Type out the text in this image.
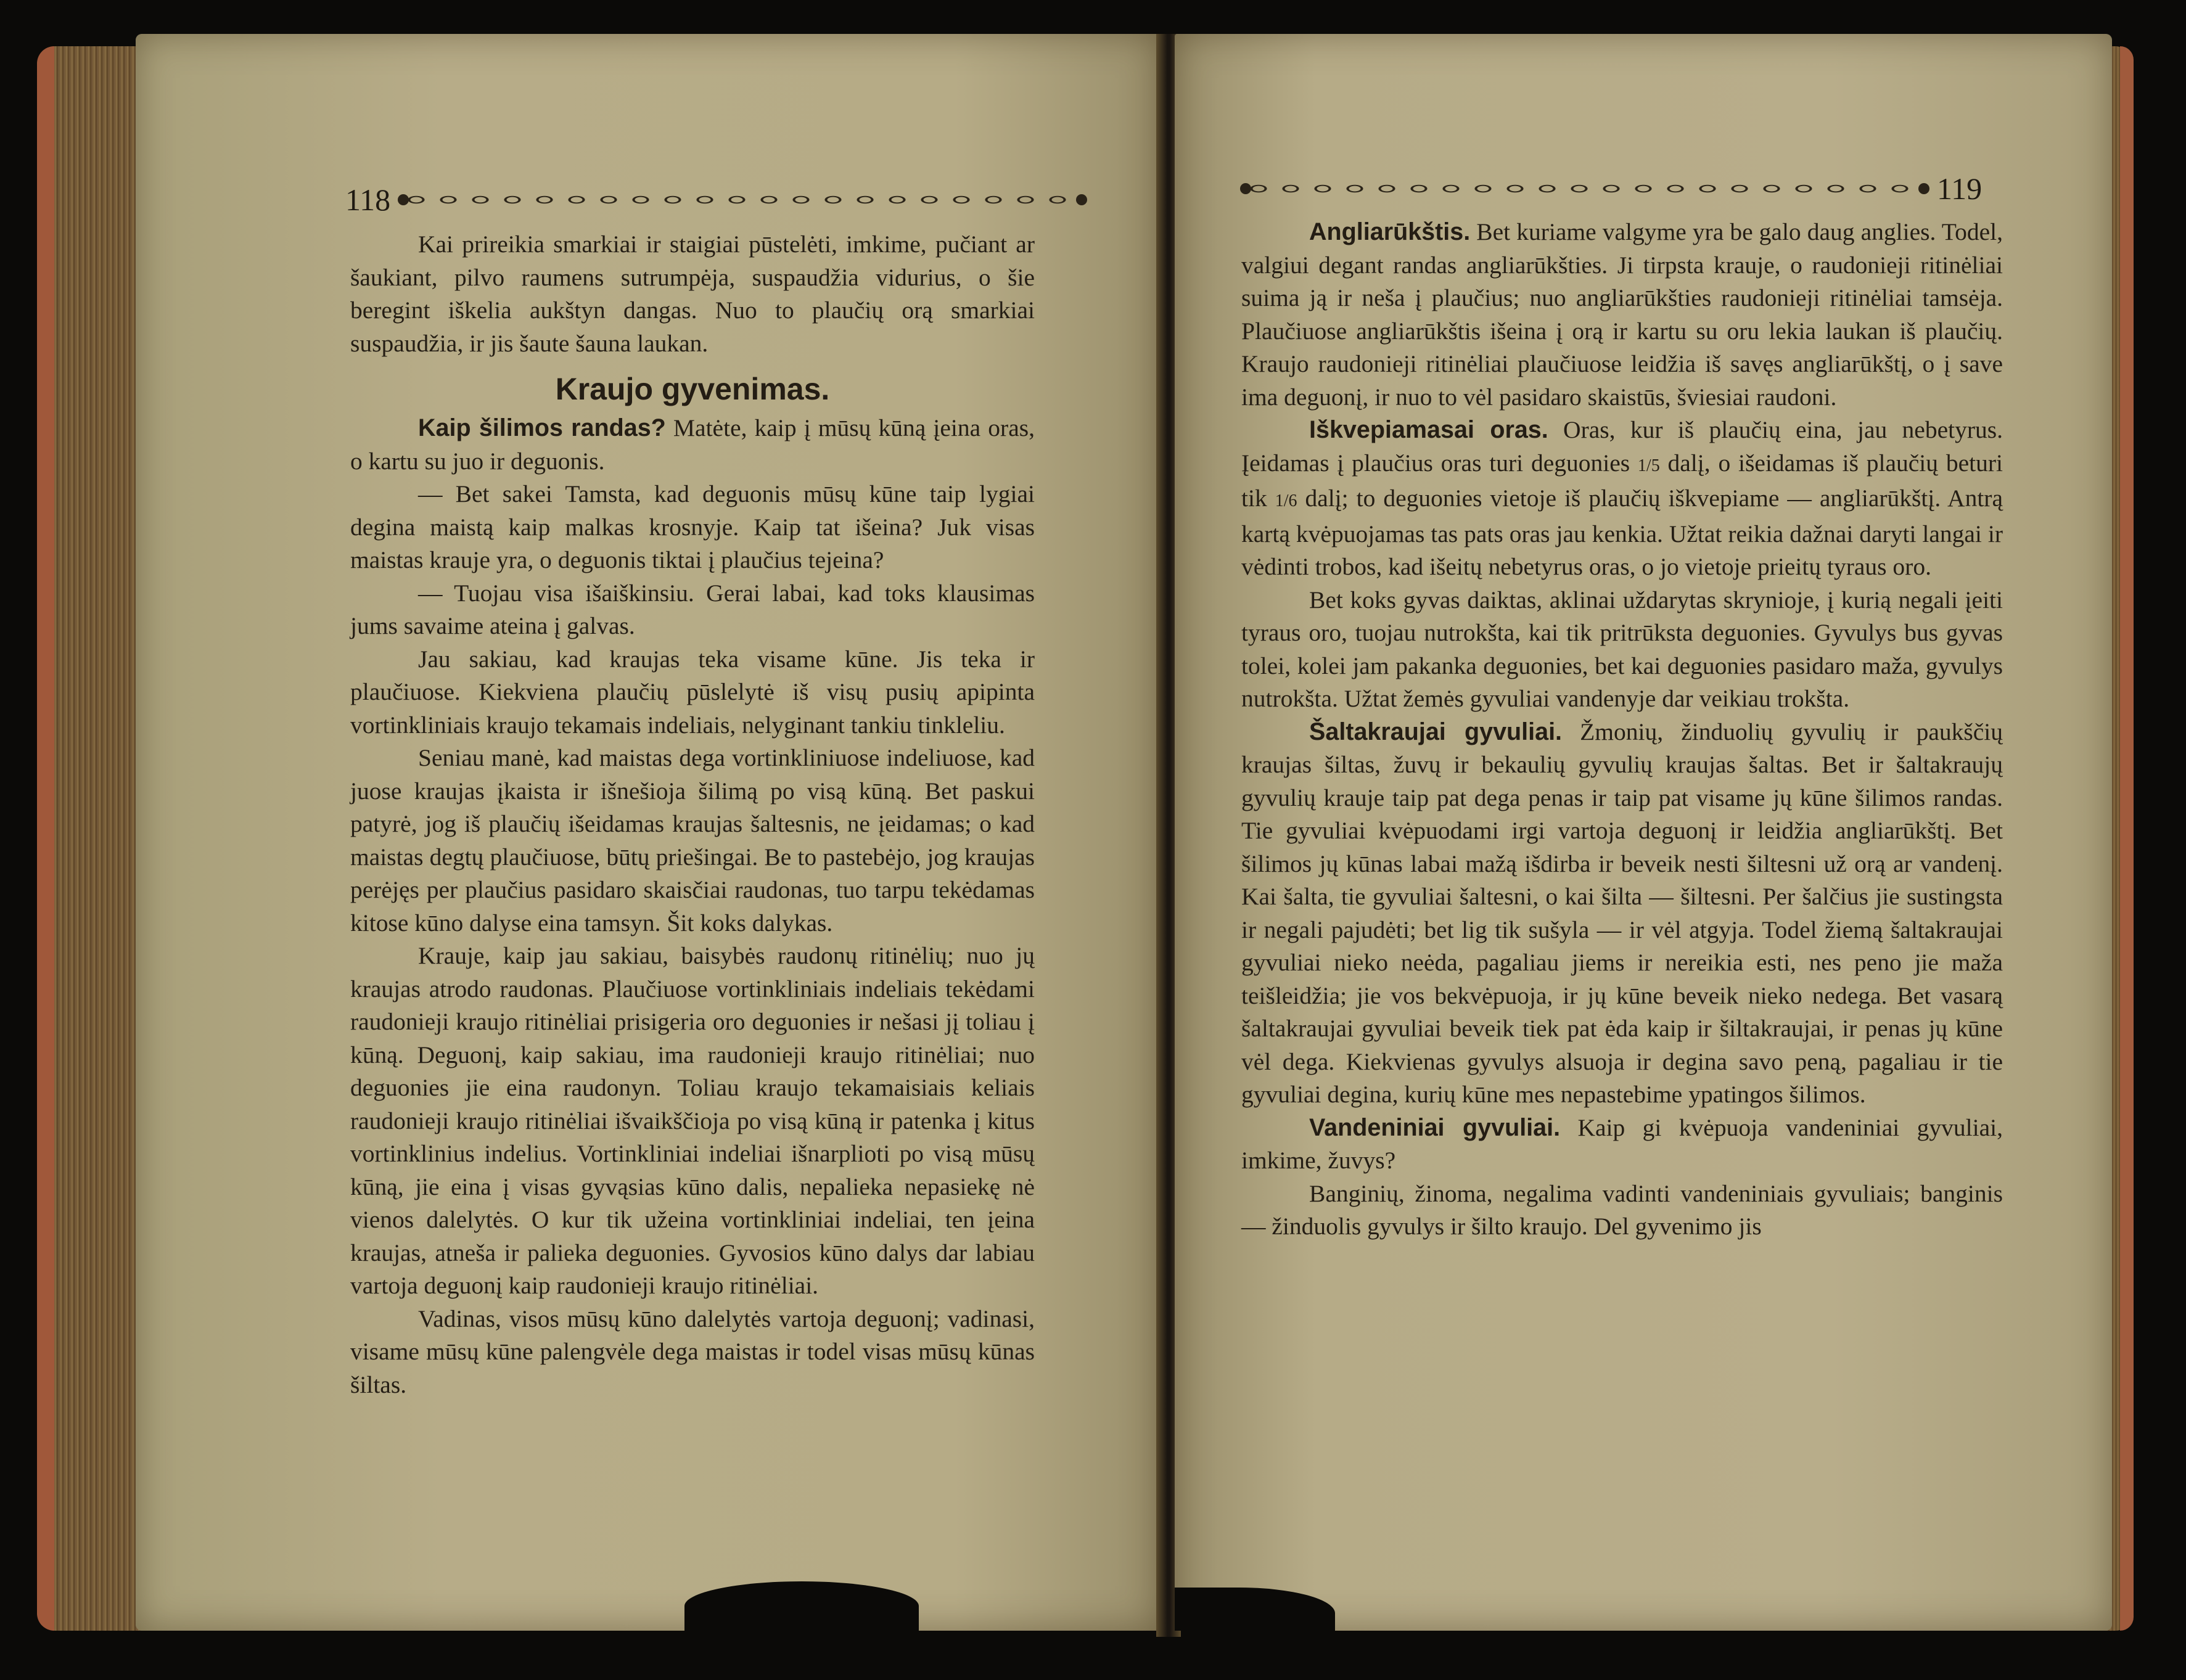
118

Kai prireikia smarkiai ir staigiai pūstelėti, imkime, pučiant ar šaukiant, pilvo raumens sutrumpėja, suspaudžia vidurius, o šie beregint iškelia aukštyn dangas. Nuo to plaučių orą smarkiai suspaudžia, ir jis šaute šauna laukan.

Kraujo gyvenimas.

Kaip šilimos randas? Matėte, kaip į mūsų kūną įeina oras, o kartu su juo ir deguonis.

— Bet sakei Tamsta, kad deguonis mūsų kūne taip lygiai degina maistą kaip malkas krosnyje. Kaip tat išeina? Juk visas maistas krauje yra, o deguonis tiktai į plaučius tejeina?

— Tuojau visa išaiškinsiu. Gerai labai, kad toks klausimas jums savaime ateina į galvas.

Jau sakiau, kad kraujas teka visame kūne. Jis teka ir plaučiuose. Kiekviena plaučių pūslelytė iš visų pusių apipinta vortinkliniais kraujo tekamais indeliais, nelyginant tankiu tinkleliu.

Seniau manė, kad maistas dega vortinkliniuose indeliuose, kad juose kraujas įkaista ir išnešioja šilimą po visą kūną. Bet paskui patyrė, jog iš plaučių išeidamas kraujas šaltesnis, ne įeidamas; o kad maistas degtų plaučiuose, būtų priešingai. Be to pastebėjo, jog kraujas perėjęs per plaučius pasidaro skaisčiai raudonas, tuo tarpu tekėdamas kitose kūno dalyse eina tamsyn. Šit koks dalykas.

Krauje, kaip jau sakiau, baisybės raudonų ritinėlių; nuo jų kraujas atrodo raudonas. Plaučiuose vortinkliniais indeliais tekėdami raudonieji kraujo ritinėliai prisigeria oro deguonies ir nešasi jį toliau į kūną. Deguonį, kaip sakiau, ima raudonieji kraujo ritinėliai; nuo deguonies jie eina raudonyn. Toliau kraujo tekamaisiais keliais raudonieji kraujo ritinėliai išvaikščioja po visą kūną ir patenka į kitus vortinklinius indelius. Vortinkliniai indeliai išnarplioti po visą mūsų kūną, jie eina į visas gyvąsias kūno dalis, nepalieka nepasiekę nė vienos dalelytės. O kur tik užeina vortinkliniai indeliai, ten įeina kraujas, atneša ir palieka deguonies. Gyvosios kūno dalys dar labiau vartoja deguonį kaip raudonieji kraujo ritinėliai.

Vadinas, visos mūsų kūno dalelytės vartoja deguonį; vadinasi, visame mūsų kūne palengvėle dega maistas ir todel visas mūsų kūnas šiltas.

119

Angliarūkštis. Bet kuriame valgyme yra be galo daug anglies. Todel, valgiui degant randas angliarūkšties. Ji tirpsta krauje, o raudonieji ritinėliai suima ją ir neša į plaučius; nuo angliarūkšties raudonieji ritinėliai tamsėja. Plaučiuose angliarūkštis išeina į orą ir kartu su oru lekia laukan iš plaučių. Kraujo raudonieji ritinėliai plaučiuose leidžia iš savęs angliarūkštį, o į save ima deguonį, ir nuo to vėl pasidaro skaistūs, šviesiai raudoni.

Iškvepiamasai oras. Oras, kur iš plaučių eina, jau nebetyrus. Įeidamas į plaučius oras turi deguonies 1/5 dalį, o išeidamas iš plaučių beturi tik 1/6 dalį; to deguonies vietoje iš plaučių iškvepiame — angliarūkštį. Antrą kartą kvėpuojamas tas pats oras jau kenkia. Užtat reikia dažnai daryti langai ir vėdinti trobos, kad išeitų nebetyrus oras, o jo vietoje prieitų tyraus oro.

Bet koks gyvas daiktas, aklinai uždarytas skrynioje, į kurią negali įeiti tyraus oro, tuojau nutrokšta, kai tik pritrūksta deguonies. Gyvulys bus gyvas tolei, kolei jam pakanka deguonies, bet kai deguonies pasidaro maža, gyvulys nutrokšta. Užtat žemės gyvuliai vandenyje dar veikiau trokšta.

Šaltakraujai gyvuliai. Žmonių, žinduolių gyvulių ir paukščių kraujas šiltas, žuvų ir bekaulių gyvulių kraujas šaltas. Bet ir šaltakraujų gyvulių krauje taip pat dega penas ir taip pat visame jų kūne šilimos randas. Tie gyvuliai kvėpuodami irgi vartoja deguonį ir leidžia angliarūkštį. Bet šilimos jų kūnas labai mažą išdirba ir beveik nesti šiltesni už orą ar vandenį. Kai šalta, tie gyvuliai šaltesni, o kai šilta — šiltesni. Per šalčius jie sustingsta ir negali pajudėti; bet lig tik sušyla — ir vėl atgyja. Todel žiemą šaltakraujai gyvuliai nieko neėda, pagaliau jiems ir nereikia esti, nes peno jie maža teišleidžia; jie vos bekvėpuoja, ir jų kūne beveik nieko nedega. Bet vasarą šaltakraujai gyvuliai beveik tiek pat ėda kaip ir šiltakraujai, ir penas jų kūne vėl dega. Kiekvienas gyvulys alsuoja ir degina savo peną, pagaliau ir tie gyvuliai degina, kurių kūne mes nepastebime ypatingos šilimos.

Vandeniniai gyvuliai. Kaip gi kvėpuoja vandeniniai gyvuliai, imkime, žuvys?

Banginių, žinoma, negalima vadinti vandeniniais gyvuliais; banginis — žinduolis gyvulys ir šilto kraujo. Del gyvenimo jis
